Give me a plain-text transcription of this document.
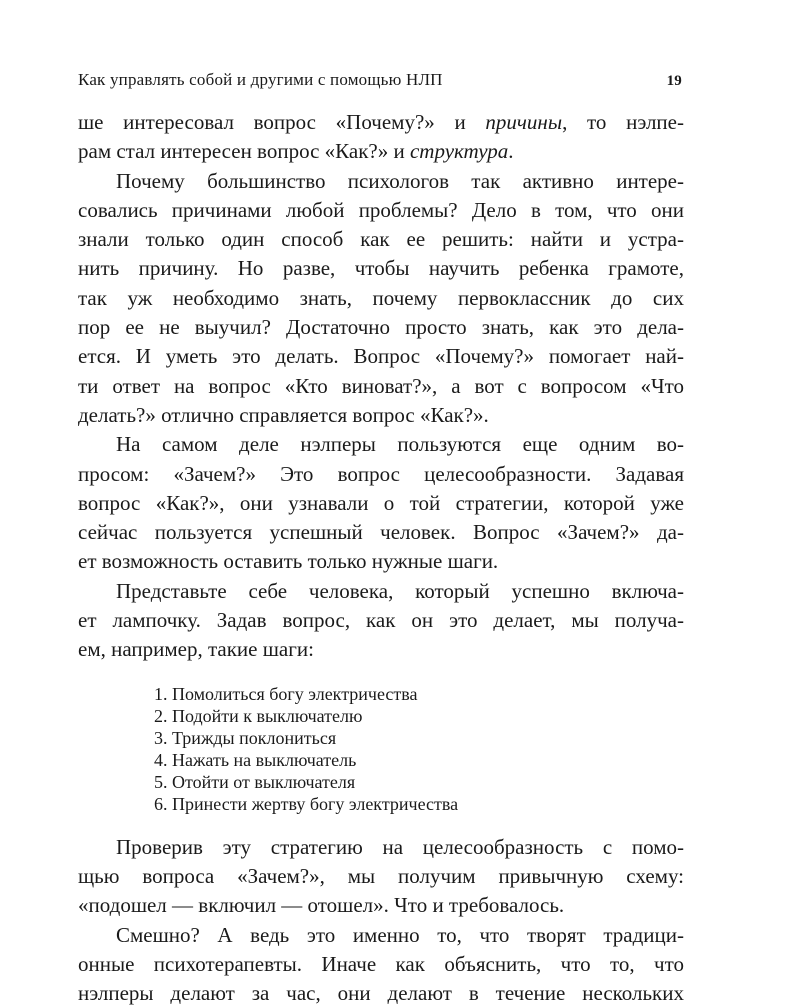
Как управлять собой и другими с помощью НЛП	19

ше интересовал вопрос «Почему?» и причины, то нэлпе-
рам стал интересен вопрос «Как?» и структура.

Почему большинство психологов так активно интере-
совались причинами любой проблемы? Дело в том, что они
знали только один способ как ее решить: найти и устра-
нить причину. Но разве, чтобы научить ребенка грамоте,
так уж необходимо знать, почему первоклассник до сих
пор ее не выучил? Достаточно просто знать, как это дела-
ется. И уметь это делать. Вопрос «Почему?» помогает най-
ти ответ на вопрос «Кто виноват?», а вот с вопросом «Что
делать?» отлично справляется вопрос «Как?».

На самом деле нэлперы пользуются еще одним во-
просом: «Зачем?» Это вопрос целесообразности. Задавая
вопрос «Как?», они узнавали о той стратегии, которой уже
сейчас пользуется успешный человек. Вопрос «Зачем?» да-
ет возможность оставить только нужные шаги.

Представьте себе человека, который успешно включа-
ет лампочку. Задав вопрос, как он это делает, мы получа-
ем, например, такие шаги:

1. Помолиться богу электричества
2. Подойти к выключателю
3. Трижды поклониться
4. Нажать на выключатель
5. Отойти от выключателя
6. Принести жертву богу электричества

Проверив эту стратегию на целесообразность с помо-
щью вопроса «Зачем?», мы получим привычную схему:
«подошел — включил — отошел». Что и требовалось.

Смешно? А ведь это именно то, что творят традици-
онные психотерапевты. Иначе как объяснить, что то, что
нэлперы делают за час, они делают в течение нескольких
